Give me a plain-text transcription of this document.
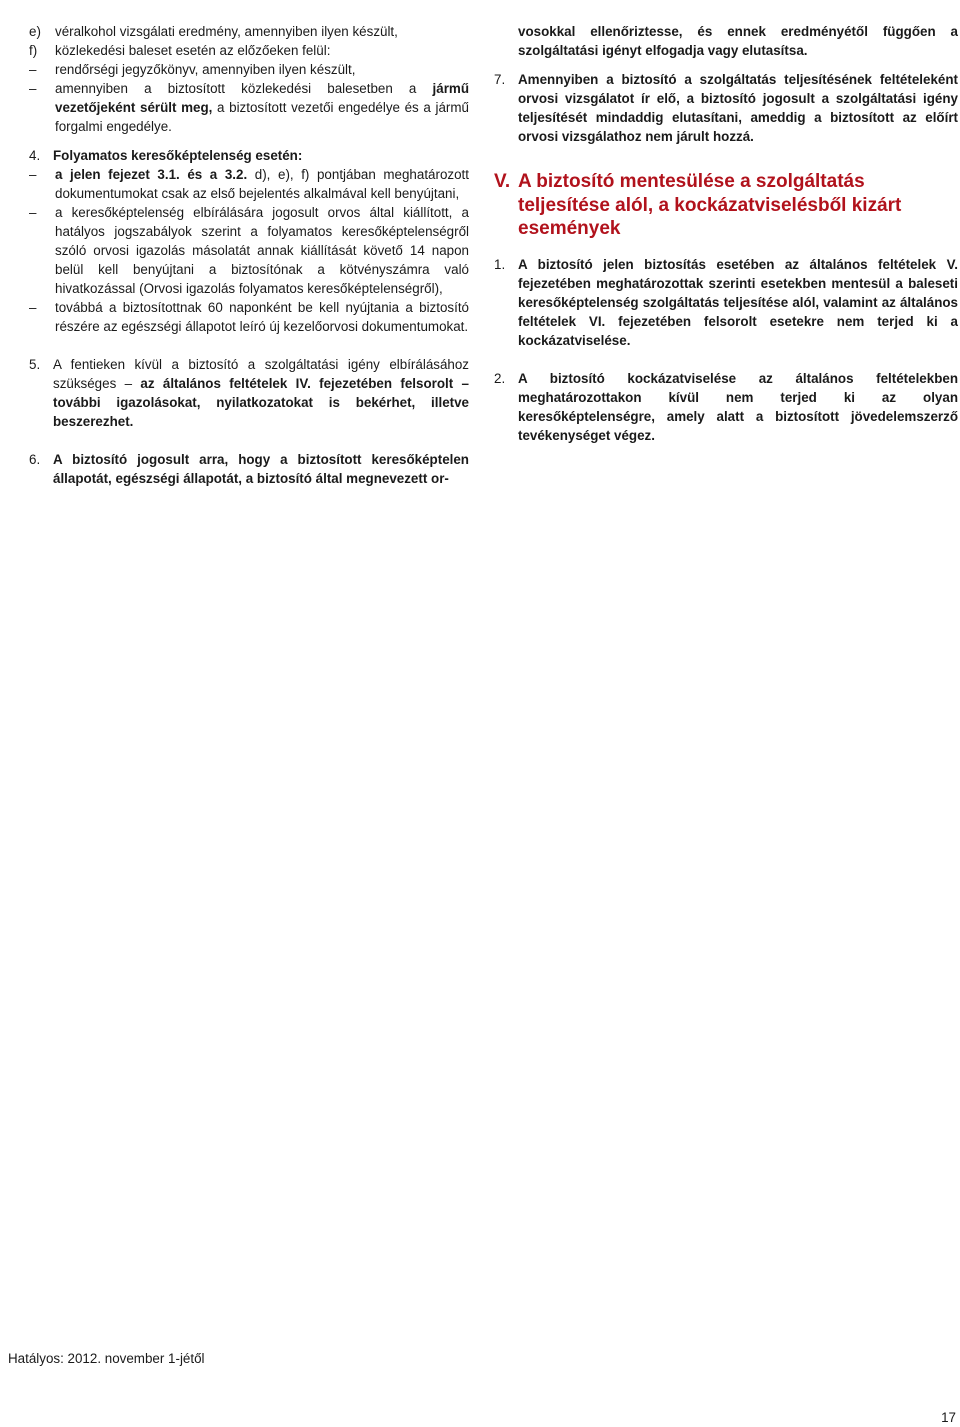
e)	véralkohol vizsgálati eredmény, amennyiben ilyen készült,
f)	közlekedési baleset esetén az előzőeken felül:
–	rendőrségi jegyzőkönyv, amennyiben ilyen készült,
–	amennyiben a biztosított közlekedési balesetben a jármű vezetőjeként sérült meg, a biztosított vezetői engedélye és a jármű forgalmi engedélye.
4. Folyamatos keresőképtelenség esetén:
–	a jelen fejezet 3.1. és a 3.2. d), e), f) pontjában meghatározott dokumentumokat csak az első bejelentés alkalmával kell benyújtani,
–	a keresőképtelenség elbírálására jogosult orvos által kiállított, a hatályos jogszabályok szerint a folyamatos keresőképtelenségről szóló orvosi igazolás másolatát annak kiállítását követő 14 napon belül kell benyújtani a biztosítónak a kötvényszámra való hivatkozással (Orvosi igazolás folyamatos keresőképtelenségről),
–	továbbá a biztosítottnak 60 naponként be kell nyújtania a biztosító részére az egészségi állapotot leíró új kezelőorvosi dokumentumokat.
5. A fentieken kívül a biztosító a szolgáltatási igény elbírálásához szükséges – az általános feltételek IV. fejezetében felsorolt – további igazolásokat, nyilatkozatokat is bekérhet, illetve beszerezhet.
6. A biztosító jogosult arra, hogy a biztosított keresőképtelen állapotát, egészségi állapotát, a biztosító által megnevezett or-
vosokkal ellenőriztesse, és ennek eredményétől függően a szolgáltatási igényt elfogadja vagy elutasítsa.
7. Amennyiben a biztosító a szolgáltatás teljesítésének feltételeként orvosi vizsgálatot ír elő, a biztosító jogosult a szolgáltatási igény teljesítését mindaddig elutasítani, ameddig a biztosított az előírt orvosi vizsgálathoz nem járult hozzá.
V. A biztosító mentesülése a szolgáltatás teljesítése alól, a kockázatviselésből kizárt események
1. A biztosító jelen biztosítás esetében az általános feltételek V. fejezetében meghatározottak szerinti esetekben mentesül a baleseti keresőképtelenség szolgáltatás teljesítése alól, valamint az általános feltételek VI. fejezetében felsorolt esetekre nem terjed ki a kockázatviselése.
2. A biztosító kockázatviselése az általános feltételekben meghatározottakon kívül nem terjed ki az olyan keresőképtelenségre, amely alatt a biztosított jövedelemszerző tevékenységet végez.
Hatályos: 2012. november 1-jétől
17
